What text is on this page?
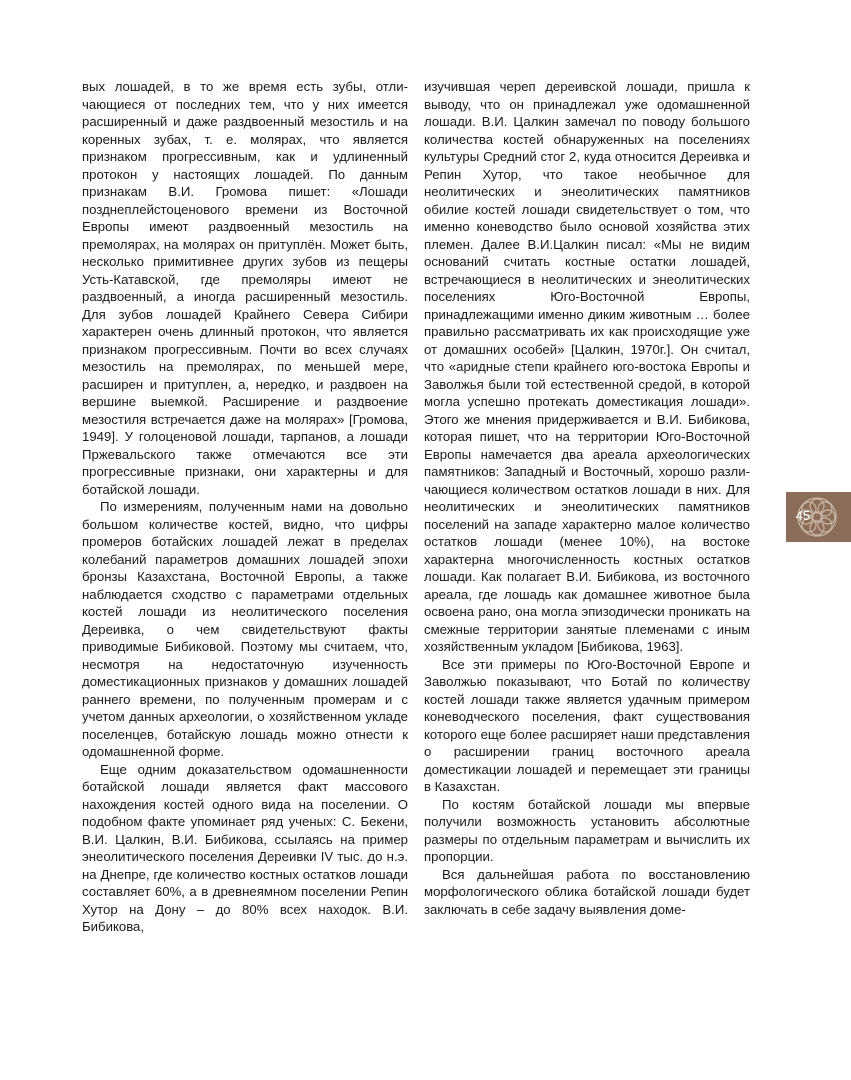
вых лошадей, в то же время есть зубы, отличающиеся от последних тем, что у них имеется расширенный и даже раздвоенный мезостиль и на коренных зубах, т. е. молярах, что является признаком прогрессивным, как и удлиненный протокон у настоящих лошадей. По данным признакам В.И. Громова пишет: «Лошади позднеплейстоценового времени из Восточной Европы имеют раздвоенный мезостиль на премолярах, на молярах он притуплён. Может быть, несколько примитивнее других зубов из пещеры Усть-Катавской, где премоляры имеют не раздвоенный, а иногда расширенный мезостиль. Для зубов лошадей Крайнего Севера Сибири характерен очень длинный протокон, что является признаком прогрессивным. Почти во всех случаях мезостиль на премолярах, по меньшей мере, расширен и притуплен, а, нередко, и раздвоен на вершине выемкой. Расширение и раздвоение мезостиля встречается даже на молярах» [Громова, 1949]. У голоценовой лошади, тарпанов, а лошади Пржевальского также отмечаются все эти прогрессивные признаки, они характерны и для ботайской лошади.

По измерениям, полученным нами на довольно большом количестве костей, видно, что цифры промеров ботайских лошадей лежат в пределах колебаний параметров домашних лошадей эпохи бронзы Казахстана, Восточной Европы, а также наблюдается сходство с параметрами отдельных костей лошади из неолитического поселения Дереивка, о чем свидетельствуют факты приводимые Бибиковой. Поэтому мы считаем, что, несмотря на недостаточную изученность доместикационных признаков у домашних лошадей раннего времени, по полученным промерам и с учетом данных археологии, о хозяйственном укладе поселенцев, ботайскую лошадь можно отнести к одомашненной форме.

Еще одним доказательством одомашненности ботайской лошади является факт массового нахождения костей одного вида на поселении. О подобном факте упоминает ряд ученых: С. Бекени, В.И. Цалкин, В.И. Бибикова, ссылаясь на пример энеолитического поселения Дереивки IV тыс. до н.э. на Днепре, где количество костных остатков лошади составляет 60%, а в древнеямном поселении Репин Хутор на Дону – до 80% всех находок. В.И. Бибикова,

изучившая череп дереивской лошади, пришла к выводу, что он принадлежал уже одомашненной лошади. В.И. Цалкин замечал по поводу большого количества костей обнаруженных на поселениях культуры Средний стог 2, куда относится Дереивка и Репин Хутор, что такое необычное для неолитических и энеолитических памятников обилие костей лошади свидетельствует о том, что именно коневодство было основой хозяйства этих племен. Далее В.И.Цалкин писал: «Мы не видим оснований считать костные остатки лошадей, встречающиеся в неолитических и энеолитических поселениях Юго-Восточной Европы, принадлежащими именно диким животным … более правильно рассматривать их как происходящие уже от домашних особей» [Цалкин, 1970г.]. Он считал, что «аридные степи крайнего юго-востока Европы и Заволжья были той естественной средой, в которой могла успешно протекать доместикация лошади». Этого же мнения придерживается и В.И. Бибикова, которая пишет, что на территории Юго-Восточной Европы намечается два ареала археологических памятников: Западный и Восточный, хорошо различающиеся количеством остатков лошади в них. Для неолитических и энеолитических памятников поселений на западе характерно малое количество остатков лошади (менее 10%), на востоке характерна многочисленность костных остатков лошади. Как полагает В.И. Бибикова, из восточного ареала, где лошадь как домашнее животное была освоена рано, она могла эпизодически проникать на смежные территории занятые племенами с иным хозяйственным укладом [Бибикова, 1963].

Все эти примеры по Юго-Восточной Европе и Заволжью показывают, что Ботай по количеству костей лошади также является удачным примером коневодческого поселения, факт существования которого еще более расширяет наши представления о расширении границ восточного ареала доместикации лошадей и перемещает эти границы в Казахстан.

По костям ботайской лошади мы впервые получили возможность установить абсолютные размеры по отдельным параметрам и вычислить их пропорции.

Вся дальнейшая работа по восстановлению морфологического облика ботайской лошади будет заключать в себе задачу выявления доме-

45
